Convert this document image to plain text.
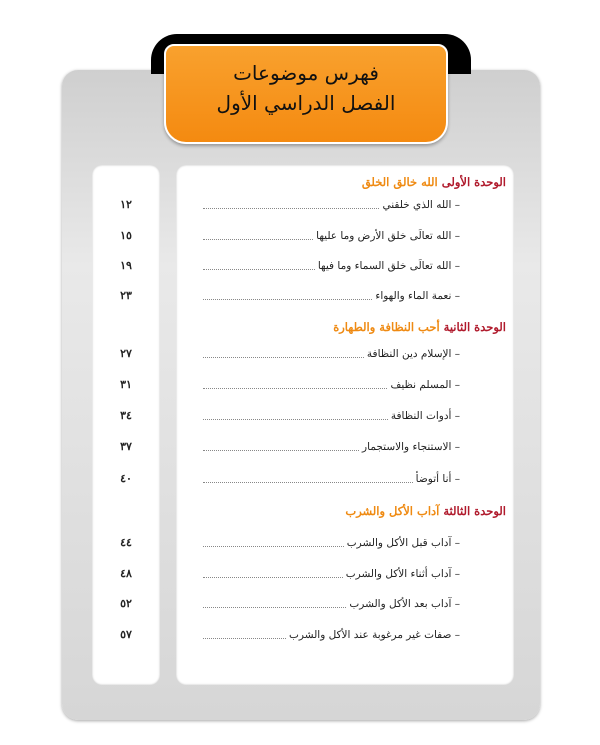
فهرس موضوعات
الفصل الدراسي الأول
الوحدة الأولى الله خالق الخلق
– الله الذي خلقني
١٢
– الله تعالَى خلق الأرض وما عليها
١٥
– الله تعالَى خلق السماء وما فيها
١٩
– نعمة الماء والهواء
٢٣
الوحدة الثانية أحب النظافة والطهارة
– الإسلام دين النظافة
٢٧
– المسلم نظيف
٣١
– أدوات النظافة
٣٤
– الاستنجاء والاستجمار
٣٧
– أنا أتوضأ
٤٠
الوحدة الثالثة آداب الأكل والشرب
– آداب قبل الأكل والشرب
٤٤
– آداب أثناء الأكل والشرب
٤٨
– آداب بعد الأكل والشرب
٥٢
– صفات غير مرغوبة عند الأكل والشرب
٥٧
